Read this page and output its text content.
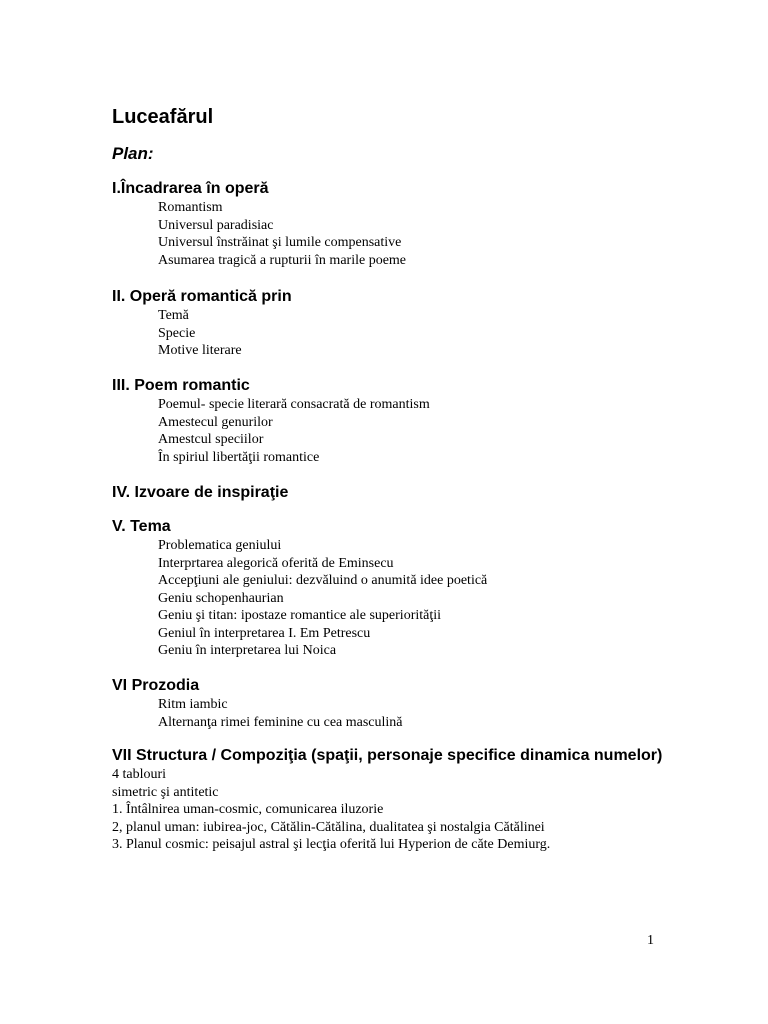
Luceafărul
Plan:
I.Încadrarea în operă
Romantism
Universul paradisiac
Universul înstrăinat şi lumile compensative
Asumarea tragică a rupturii în marile poeme
II. Operă romantică prin
Temă
Specie
Motive literare
III. Poem romantic
Poemul- specie literară consacrată de romantism
Amestecul genurilor
Amestcul speciilor
În spiriul libertăţii romantice
IV. Izvoare de inspiraţie
V. Tema
Problematica geniului
Interprtarea alegorică oferită de Eminsecu
Accepţiuni ale geniului: dezvăluind o anumită idee poetică
Geniu schopenhaurian
Geniu şi titan: ipostaze romantice ale superiorităţii
Geniul în interpretarea I. Em Petrescu
Geniu în interpretarea lui Noica
VI Prozodia
Ritm iambic
Alternanţa rimei feminine cu cea masculină
VII Structura / Compoziţia (spaţii, personaje specifice dinamica numelor)
4 tablouri
simetric şi antitetic
1. Întâlnirea uman-cosmic, comunicarea iluzorie
2, planul uman: iubirea-joc, Cătălin-Cătălina, dualitatea şi nostalgia Cătălinei
3. Planul cosmic: peisajul astral şi lecţia oferită lui Hyperion de căte Demiurg.
1
